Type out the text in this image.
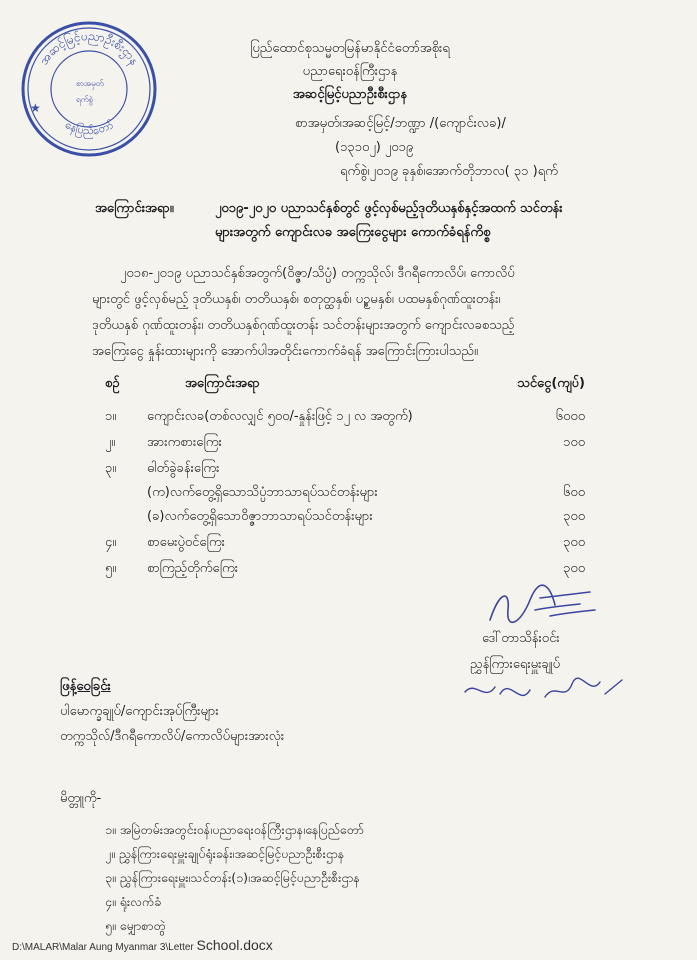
အဆင့်မြင့်ပညာဦးစီးဌာန
နေပြည်တော်
စာအမှတ်
ရက်စွဲ
★
ပြည်ထောင်စုသမ္မတမြန်မာနိုင်ငံတော်အစိုးရ
ပညာရေးဝန်ကြီးဌာန
အဆင့်မြင့်ပညာဦးစီးဌာန
စာအမှတ်၊အဆင့်မြင့်/ဘဏ္ဍာ /(ကျောင်းလခ)/
(၁၃၁၀၂) ၂၀၁၉
ရက်စွဲ၊၂၀၁၉ ခုနှစ်၊အောက်တိုဘာလ( ၃၁ )ရက်
အကြောင်းအရာ။	၂၀၁၉-၂၀၂၀ ပညာသင်နှစ်တွင် ဖွင့်လှစ်မည့်ဒုတိယနှစ်နှင့်အထက် သင်တန်း
များအတွက် ကျောင်းလခ အကြေးငွေများ ကောက်ခံရန်ကိစ္စ
၂၀၁၈-၂၀၁၉ ပညာသင်နှစ်အတွက်(ဝိဇ္ဇာ/သိပ္ပံ) တက္ကသိုလ်၊ ဒီဂရီကောလိပ်၊ ကောလိပ်
များတွင် ဖွင့်လှစ်မည့် ဒုတိယနှစ်၊ တတိယနှစ်၊ စတုတ္ထနှစ်၊ ပဉ္စမနှစ်၊ ပထမနှစ်ဂုဏ်ထူးတန်း၊
ဒုတိယနှစ် ဂုဏ်ထူးတန်း၊ တတိယနှစ်ဂုဏ်ထူးတန်း သင်တန်းများအတွက် ကျောင်းလခစသည့်
အကြေးငွေ နှုန်းထားများကို အောက်ပါအတိုင်းကောက်ခံရန် အကြောင်းကြားပါသည်။
စဉ်	အကြောင်းအရာ	သင်ငွေ(ကျပ်)
၁။ ကျောင်းလခ(တစ်လလျှင် ၅၀၀/-နှုန်းဖြင့် ၁၂ လ အတွက်)	၆၀၀၀
၂။ အားကစားကြေး	၁၀၀
၃။ ဓါတ်ခွဲခန်းကြေး
(က)လက်တွေ့ရှိသောသိပ္ပံဘာသာရပ်သင်တန်းများ	၆၀၀
(ခ)လက်တွေ့ရှိသောဝိဇ္ဇာဘာသာရပ်သင်တန်းများ	၃၀၀
၄။ စာမေးပွဲဝင်ကြေး	၃၀၀
၅။ စာကြည့်တိုက်ကြေး	၃၀၀
ဒေါ်တာသိန်းဝင်း
ညွှန်ကြားရေးမှူးချုပ်
ဖြန့်ဝေခြင်း
ပါမောက္ခချုပ်/ကျောင်းအုပ်ကြီးများ
တက္ကသိုလ်/ဒီဂရီကောလိပ်/ကောလိပ်များအားလုံး
မိတ္တူကို-
၁။ အမြဲတမ်းအတွင်းဝန်၊ပညာရေးဝန်ကြီးဌာန၊နေပြည်တော်
၂။ ညွှန်ကြားရေးမှူးချုပ်ရုံးခန်း၊အဆင့်မြင့်ပညာဦးစီးဌာန
၃။ ညွှန်ကြားရေးမှူး၊သင်တန်း(၁)၊အဆင့်မြင့်ပညာဦးစီးဌာန
၄။ ရုံးလက်ခံ
၅။ မျှောစာတွဲ
D:\MALAR\Malar Aung Myanmar 3\Letter School.docx
